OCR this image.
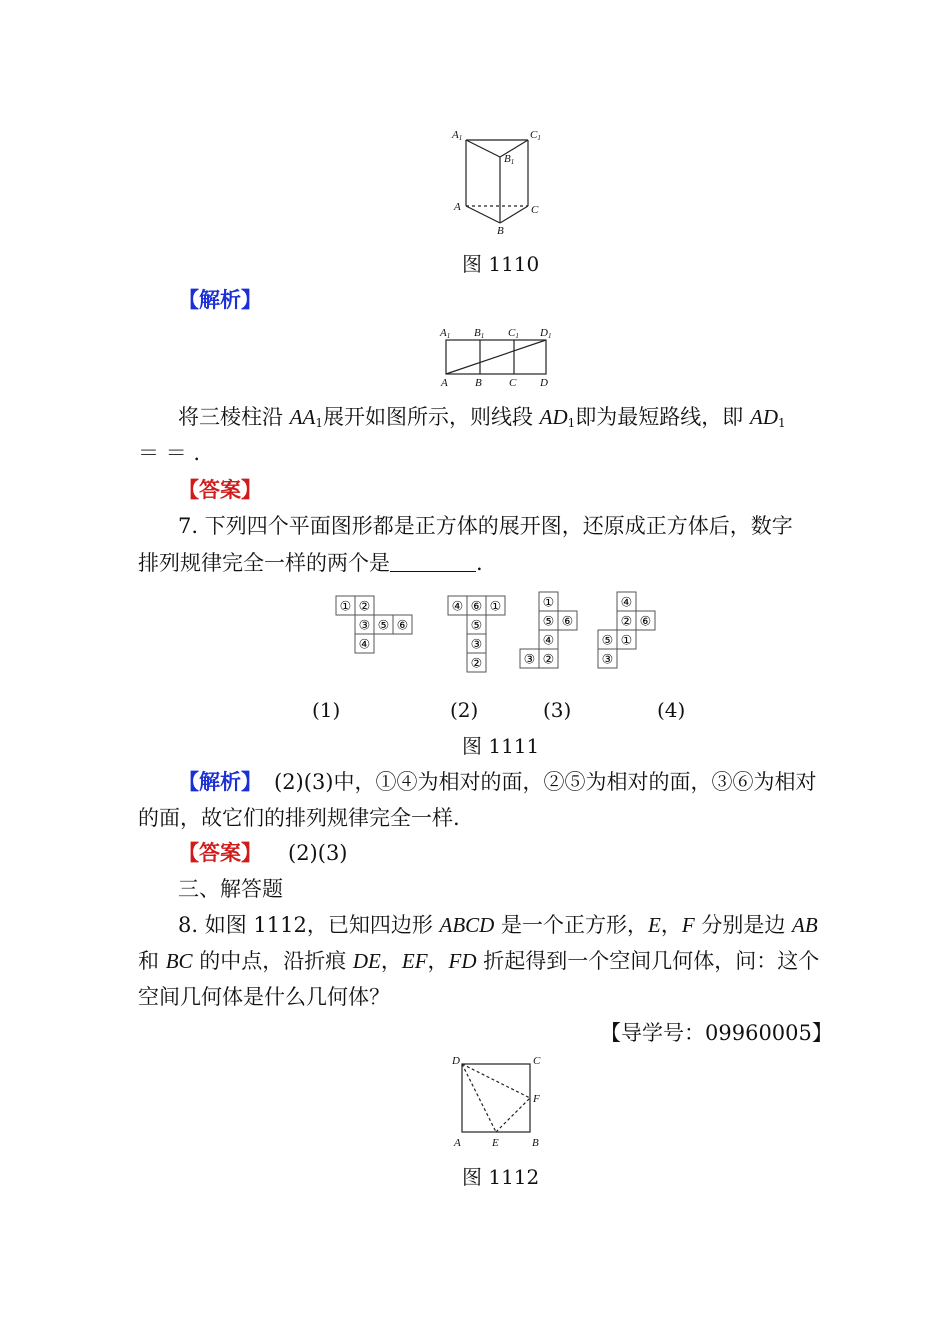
A1	C1
B1
A	C
B
图 1110
【解析】
A1 B1 C1 D1
A B C D
将三棱柱沿 $AA_1$展开如图所示，则线段 $AD_1$即为最短路线，即 $AD_1$
＝ ＝ .
【答案】
7. 下列四个平面图形都是正方体的展开图，还原成正方体后，数字
排列规律完全一样的两个是	.
① ②
③ ⑤ ⑥
④
④ ⑥ ①
⑤
③
②
①
⑤ ⑥
④
③ ②
④
② ⑥
⑤ ①
③
(1)	(2)	(3)	(4)
图 1111
【解析】 (2)(3)中，①④为相对的面，②⑤为相对的面，③⑥为相对
的面，故它们的排列规律完全一样.
【答案】 (2)(3)
三、解答题
8. 如图 1112，已知四边形 ABCD 是一个正方形，E，F 分别是边 AB
和 BC 的中点，沿折痕 DE，EF，FD 折起得到一个空间几何体，问：这个
空间几何体是什么几何体？
【导学号：09960005】
D	C
F
A	E	B
图 1112
